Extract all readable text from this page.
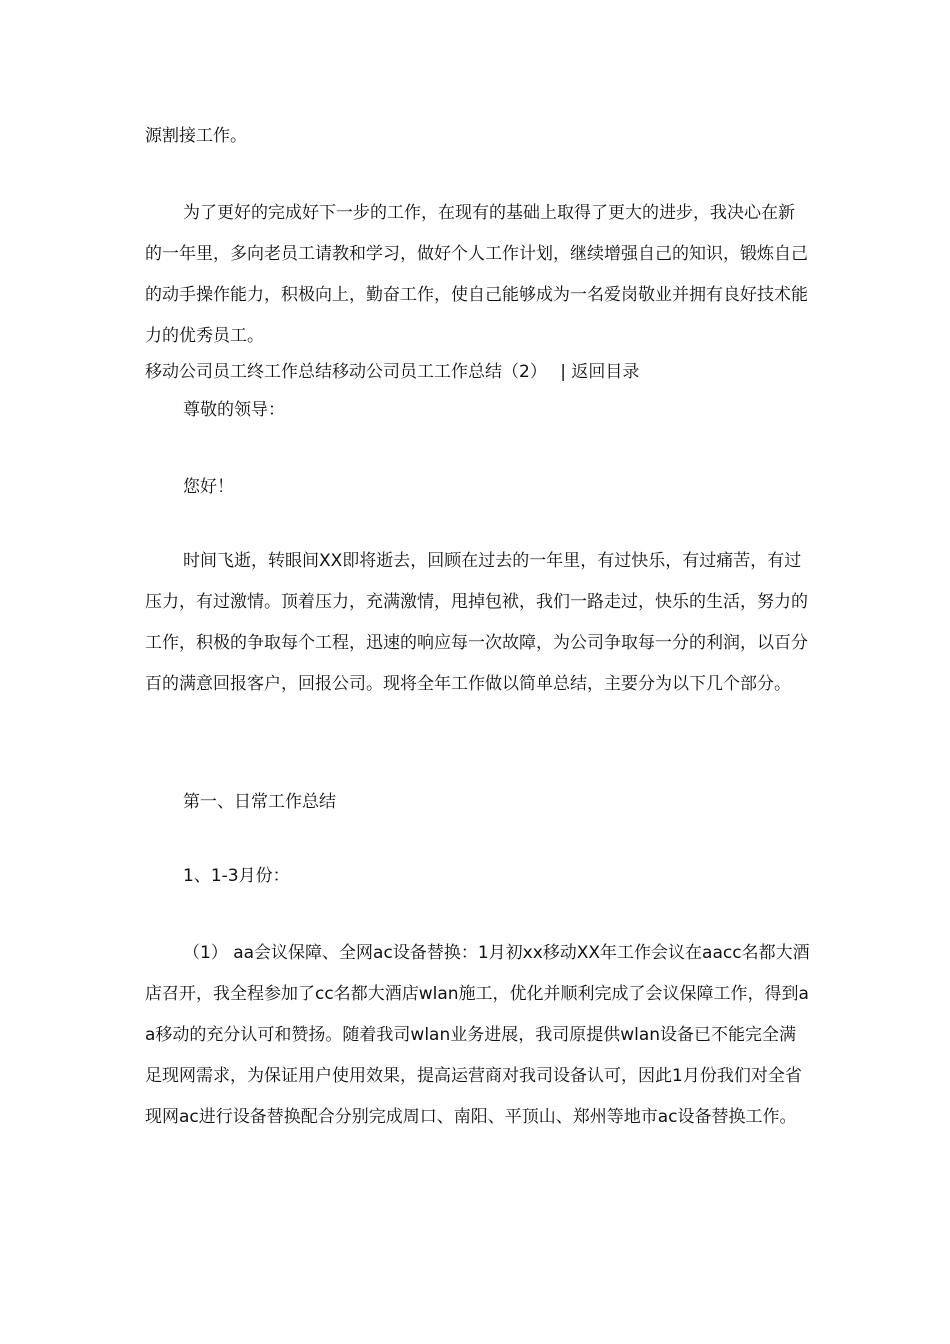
源割接工作。

为了更好的完成好下一步的工作，在现有的基础上取得了更大的进步，我决心在新的一年里，多向老员工请教和学习，做好个人工作计划，继续增强自己的知识，锻炼自己的动手操作能力，积极向上，勤奋工作，使自己能够成为一名爱岗敬业并拥有良好技术能力的优秀员工。

移动公司员工终工作总结移动公司员工工作总结（2） | 返回目录

尊敬的领导：

您好！

时间飞逝，转眼间XX即将逝去，回顾在过去的一年里，有过快乐，有过痛苦，有过压力，有过激情。顶着压力，充满激情，甩掉包袱，我们一路走过，快乐的生活，努力的工作，积极的争取每个工程，迅速的响应每一次故障，为公司争取每一分的利润，以百分百的满意回报客户，回报公司。现将全年工作做以简单总结，主要分为以下几个部分。

第一、日常工作总结

1、1-3月份：

（1） aa会议保障、全网ac设备替换：1月初xx移动XX年工作会议在aacc名都大酒店召开，我全程参加了cc名都大酒店wlan施工，优化并顺利完成了会议保障工作，得到aa移动的充分认可和赞扬。随着我司wlan业务进展，我司原提供wlan设备已不能完全满足现网需求，为保证用户使用效果，提高运营商对我司设备认可，因此1月份我们对全省现网ac进行设备替换配合分别完成周口、南阳、平顶山、郑州等地市ac设备替换工作。
